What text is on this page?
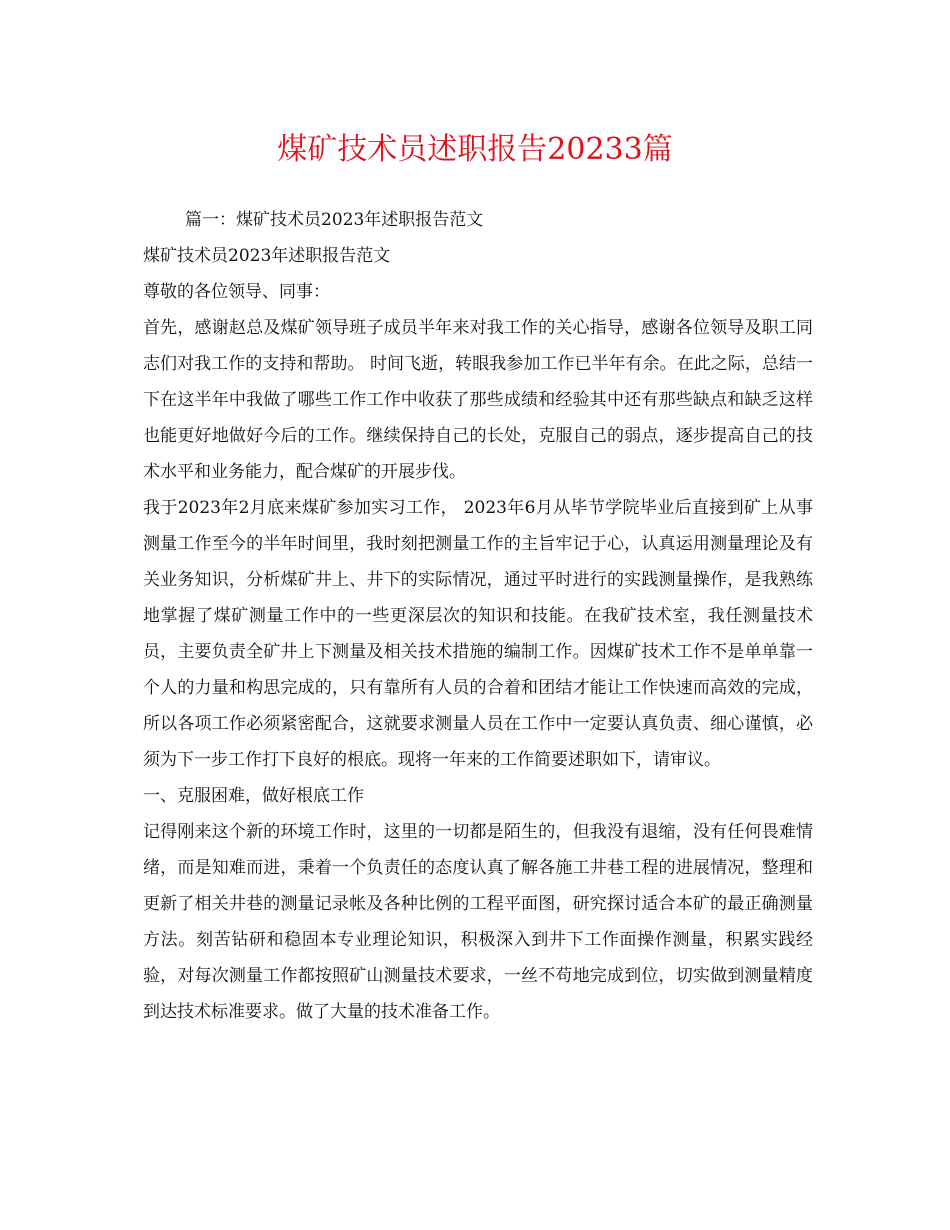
煤矿技术员述职报告20233篇

篇一：煤矿技术员2023年述职报告范文

煤矿技术员2023年述职报告范文

尊敬的各位领导、同事：

首先，感谢赵总及煤矿领导班子成员半年来对我工作的关心指导，感谢各位领导及职工同志们对我工作的支持和帮助。 时间飞逝，转眼我参加工作已半年有余。在此之际，总结一下在这半年中我做了哪些工作工作中收获了那些成绩和经验其中还有那些缺点和缺乏这样也能更好地做好今后的工作。继续保持自己的长处，克服自己的弱点，逐步提高自己的技术水平和业务能力，配合煤矿的开展步伐。

我于2023年2月底来煤矿参加实习工作， 2023年6月从毕节学院毕业后直接到矿上从事测量工作至今的半年时间里，我时刻把测量工作的主旨牢记于心，认真运用测量理论及有关业务知识，分析煤矿井上、井下的实际情况，通过平时进行的实践测量操作，是我熟练地掌握了煤矿测量工作中的一些更深层次的知识和技能。在我矿技术室，我任测量技术员，主要负责全矿井上下测量及相关技术措施的编制工作。因煤矿技术工作不是单单靠一个人的力量和构思完成的，只有靠所有人员的合着和团结才能让工作快速而高效的完成，所以各项工作必须紧密配合，这就要求测量人员在工作中一定要认真负责、细心谨慎，必须为下一步工作打下良好的根底。现将一年来的工作简要述职如下，请审议。

一、克服困难，做好根底工作

记得刚来这个新的环境工作时，这里的一切都是陌生的，但我没有退缩，没有任何畏难情绪，而是知难而进，秉着一个负责任的态度认真了解各施工井巷工程的进展情况，整理和更新了相关井巷的测量记录帐及各种比例的工程平面图，研究探讨适合本矿的最正确测量方法。刻苦钻研和稳固本专业理论知识，积极深入到井下工作面操作测量，积累实践经验，对每次测量工作都按照矿山测量技术要求，一丝不苟地完成到位，切实做到测量精度到达技术标准要求。做了大量的技术准备工作。
